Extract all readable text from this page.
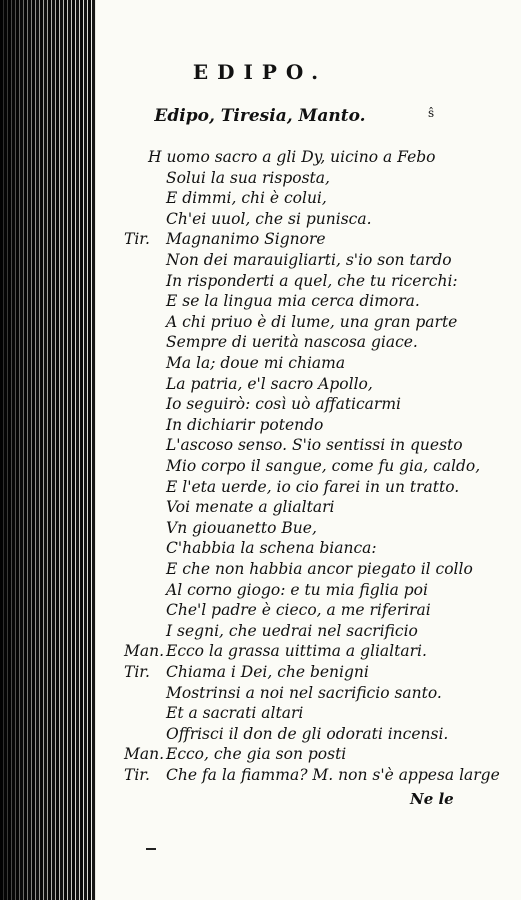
EDIPO.
Edipo, Tiresia, Manto.	ŝ
H uomo sacro a gli Dy, uicino a Febo
Solui la sua risposta,
E dimmi, chi è colui,
Ch'ei uuol, che si punisca.
Tir. Magnanimo Signore
Non dei marauigliarti, s'io son tardo
In risponderti a quel, che tu ricerchi:
E se la lingua mia cerca dimora.
A chi priuo è di lume, una gran parte
Sempre di uerità nascosa giace.
Ma la; doue mi chiama
La patria, e'l sacro Apollo,
Io seguirò: così uò affaticarmi
In dichiarir potendo
L'ascoso senso. S'io sentissi in questo
Mio corpo il sangue, come fu gia, caldo,
E l'eta uerde, io cio farei in un tratto.
Voi menate a glialtari
Vn giouanetto Bue,
C'habbia la schena bianca:
E che non habbia ancor piegato il collo
Al corno giogo: e tu mia figlia poi
Che'l padre è cieco, a me riferirai
I segni, che uedrai nel sacrificio
Man. Ecco la grassa uittima a glialtari.
Tir. Chiama i Dei, che benigni
Mostrinsi a noi nel sacrificio santo.
Et a sacrati altari
Offrisci il don de gli odorati incensi.
Man. Ecco, che gia son posti
Tir. Che fa la fiamma? M. non s'è appesa large
Ne le
